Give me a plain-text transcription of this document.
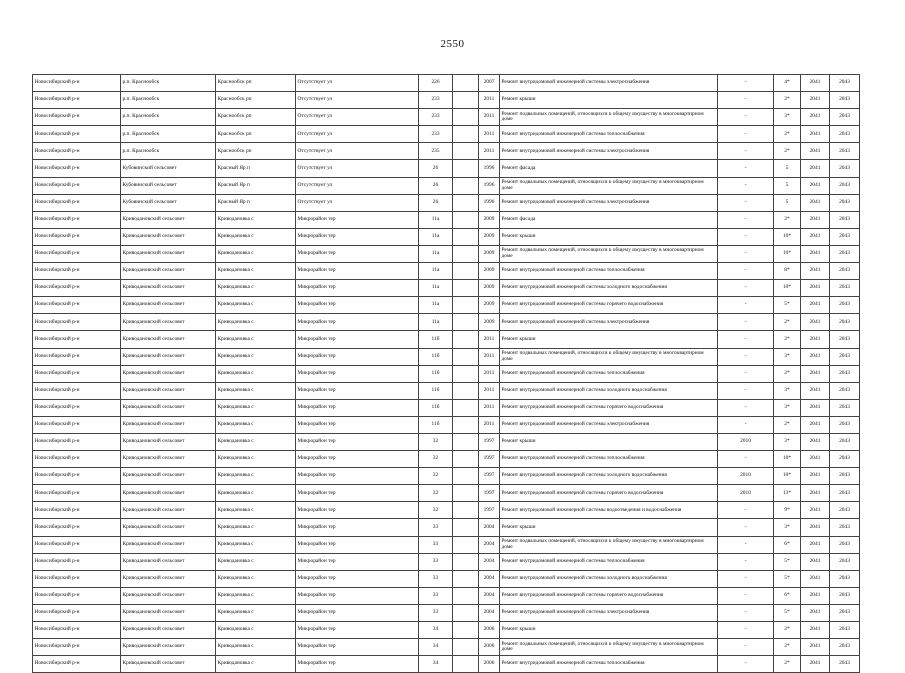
2550
Новосибирский р-н	р.п. Краснообск	Краснообск рп	Отсутствует ул	226		2007	Ремонт внутридомовой инженерной системы электроснабжения	-	4*	2041	2043
Новосибирский р-н	р.п. Краснообск	Краснообск рп	Отсутствует ул	233		2011	Ремонт крыши	-	2*	2041	2043
Новосибирский р-н	р.п. Краснообск	Краснообск рп	Отсутствует ул	233		2011	Ремонт подвальных помещений, относящихся к общему имуществу в многоквартирном доме	-	3*	2041	2043
Новосибирский р-н	р.п. Краснообск	Краснообск рп	Отсутствует ул	233		2011	Ремонт внутридомовой инженерной системы теплоснабжения	-	2*	2041	2043
Новосибирский р-н	р.п. Краснообск	Краснообск рп	Отсутствует ул	235		2011	Ремонт внутридомовой инженерной системы электроснабжения	-	2*	2041	2043
Новосибирский р-н	Кубовинский сельсовет	Красный Яр п	Отсутствует ул	26		1996	Ремонт фасада	-	5	2041	2043
Новосибирский р-н	Кубовинский сельсовет	Красный Яр п	Отсутствует ул	26		1996	Ремонт подвальных помещений, относящихся к общему имуществу в многоквартирном доме	-	5	2041	2043
Новосибирский р-н	Кубовинский сельсовет	Красный Яр п	Отсутствует ул	26		1996	Ремонт внутридомовой инженерной системы электроснабжения	-	5	2041	2043
Новосибирский р-н	Криводановский сельсовет	Криводановка с	Микрорайон тер	11а		2009	Ремонт фасада	-	2*	2041	2043
Новосибирский р-н	Криводановский сельсовет	Криводановка с	Микрорайон тер	11а		2009	Ремонт крыши	-	10*	2041	2043
Новосибирский р-н	Криводановский сельсовет	Криводановка с	Микрорайон тер	11а		2009	Ремонт подвальных помещений, относящихся к общему имуществу в многоквартирном доме	-	10*	2041	2043
Новосибирский р-н	Криводановский сельсовет	Криводановка с	Микрорайон тер	11а		2009	Ремонт внутридомовой инженерной системы теплоснабжения	-	8*	2041	2043
Новосибирский р-н	Криводановский сельсовет	Криводановка с	Микрорайон тер	11а		2009	Ремонт внутридомовой инженерной системы холодного водоснабжения	-	10*	2041	2043
Новосибирский р-н	Криводановский сельсовет	Криводановка с	Микрорайон тер	11а		2009	Ремонт внутридомовой инженерной системы горячего водоснабжения	-	5*	2041	2043
Новосибирский р-н	Криводановский сельсовет	Криводановка с	Микрорайон тер	11а		2009	Ремонт внутридомовой инженерной системы электроснабжения	-	2*	2041	2043
Новосибирский р-н	Криводановский сельсовет	Криводановка с	Микрорайон тер	11б		2011	Ремонт крыши	-	2*	2041	2043
Новосибирский р-н	Криводановский сельсовет	Криводановка с	Микрорайон тер	11б		2011	Ремонт подвальных помещений, относящихся к общему имуществу в многоквартирном доме	-	3*	2041	2043
Новосибирский р-н	Криводановский сельсовет	Криводановка с	Микрорайон тер	11б		2011	Ремонт внутридомовой инженерной системы теплоснабжения	-	2*	2041	2043
Новосибирский р-н	Криводановский сельсовет	Криводановка с	Микрорайон тер	11б		2011	Ремонт внутридомовой инженерной системы холодного водоснабжения	-	3*	2041	2043
Новосибирский р-н	Криводановский сельсовет	Криводановка с	Микрорайон тер	11б		2011	Ремонт внутридомовой инженерной системы горячего водоснабжения	-	3*	2041	2043
Новосибирский р-н	Криводановский сельсовет	Криводановка с	Микрорайон тер	11б		2011	Ремонт внутридомовой инженерной системы электроснабжения	-	2*	2041	2043
Новосибирский р-н	Криводановский сельсовет	Криводановка с	Микрорайон тер	32		1997	Ремонт крыши	2010	3*	2041	2043
Новосибирский р-н	Криводановский сельсовет	Криводановка с	Микрорайон тер	32		1997	Ремонт внутридомовой инженерной системы теплоснабжения	-	10*	2041	2043
Новосибирский р-н	Криводановский сельсовет	Криводановка с	Микрорайон тер	32		1997	Ремонт внутридомовой инженерной системы холодного водоснабжения	2010	10*	2041	2043
Новосибирский р-н	Криводановский сельсовет	Криводановка с	Микрорайон тер	32		1997	Ремонт внутридомовой инженерной системы горячего водоснабжения	2010	13*	2041	2043
Новосибирский р-н	Криводановский сельсовет	Криводановка с	Микрорайон тер	32		1997	Ремонт внутридомовой инженерной системы водоотведения и водоснабжения	-	9*	2041	2043
Новосибирский р-н	Криводановский сельсовет	Криводановка с	Микрорайон тер	33		2004	Ремонт крыши	-	3*	2041	2043
Новосибирский р-н	Криводановский сельсовет	Криводановка с	Микрорайон тер	33		2004	Ремонт подвальных помещений, относящихся к общему имуществу в многоквартирном доме	-	6*	2041	2043
Новосибирский р-н	Криводановский сельсовет	Криводановка с	Микрорайон тер	33		2004	Ремонт внутридомовой инженерной системы теплоснабжения	-	5*	2041	2043
Новосибирский р-н	Криводановский сельсовет	Криводановка с	Микрорайон тер	33		2004	Ремонт внутридомовой инженерной системы холодного водоснабжения	-	5*	2041	2043
Новосибирский р-н	Криводановский сельсовет	Криводановка с	Микрорайон тер	33		2004	Ремонт внутридомовой инженерной системы горячего водоснабжения	-	6*	2041	2043
Новосибирский р-н	Криводановский сельсовет	Криводановка с	Микрорайон тер	33		2004	Ремонт внутридомовой инженерной системы электроснабжения	-	5*	2041	2043
Новосибирский р-н	Криводановский сельсовет	Криводановка с	Микрорайон тер	34		2006	Ремонт крыши	-	2*	2041	2043
Новосибирский р-н	Криводановский сельсовет	Криводановка с	Микрорайон тер	34		2006	Ремонт подвальных помещений, относящихся к общему имуществу в многоквартирном доме	-	2*	2041	2043
Новосибирский р-н	Криводановский сельсовет	Криводановка с	Микрорайон тер	34		2006	Ремонт внутридомовой инженерной системы теплоснабжения	-	2*	2041	2043
